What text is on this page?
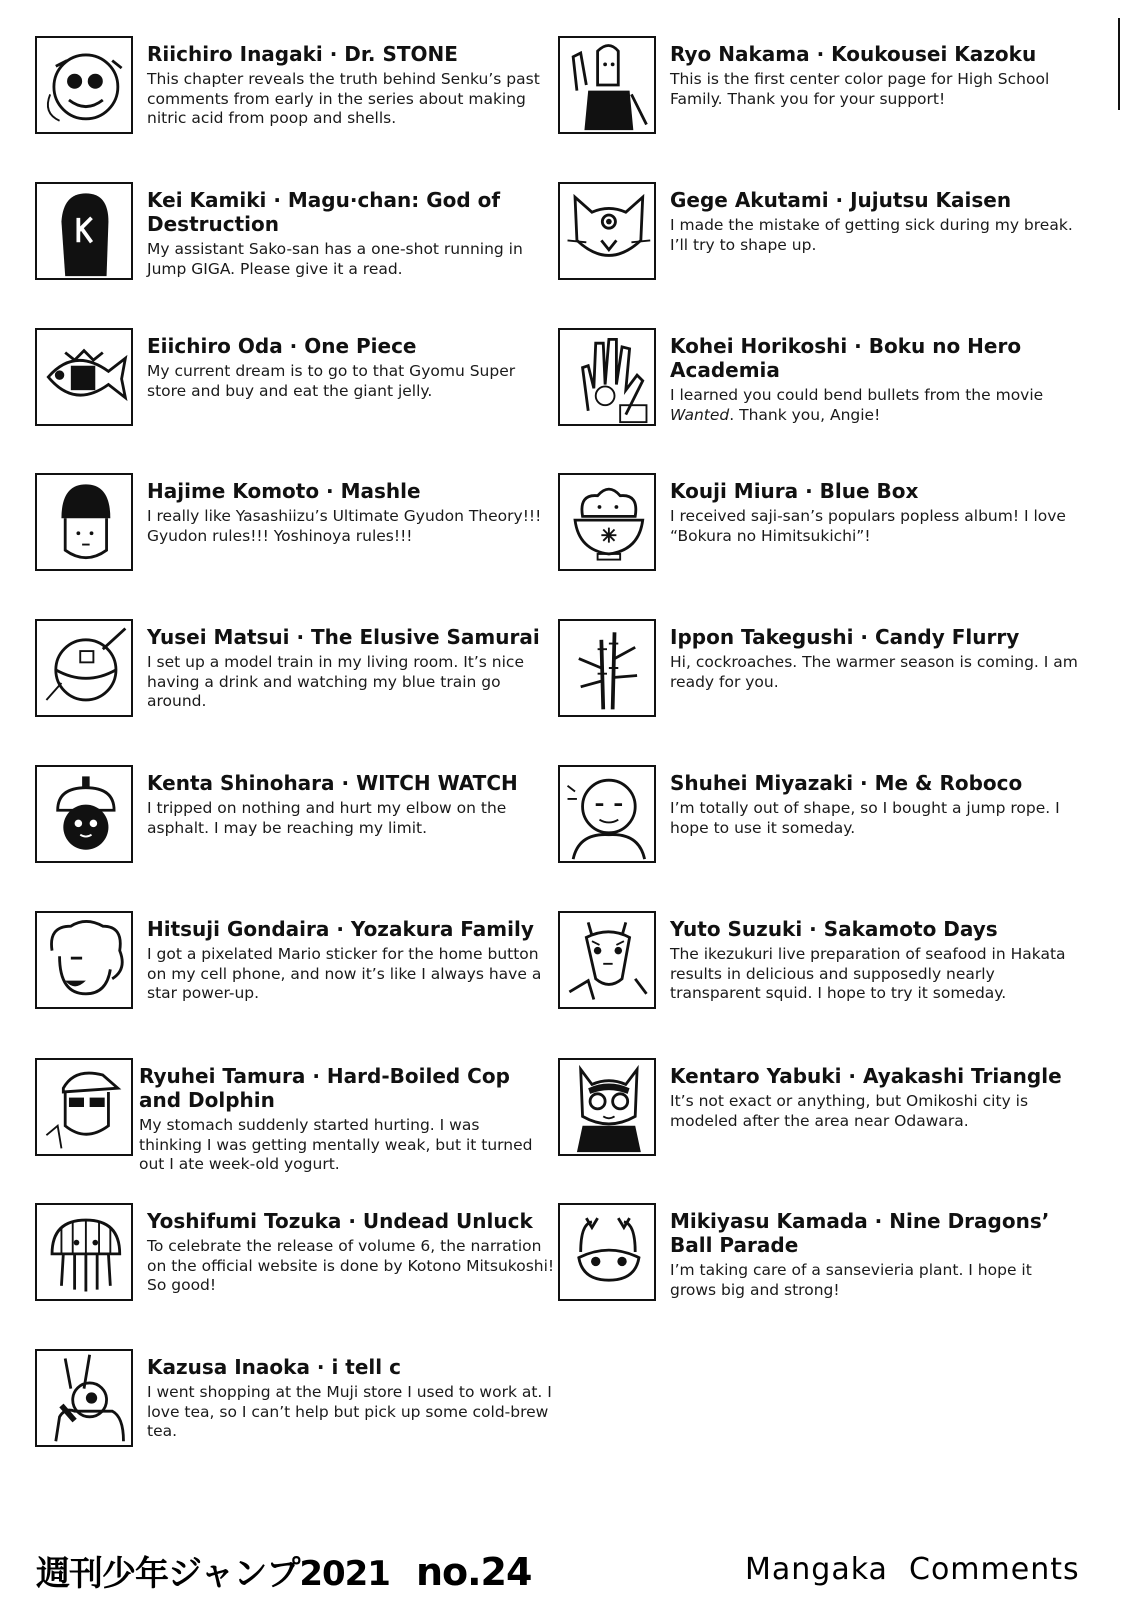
Riichiro Inagaki · Dr. STONE

This chapter reveals the truth behind Senku’s past comments from early in the series about making nitric acid from poop and shells.

Kei Kamiki · Magu·chan: God of Destruction

My assistant Sako-san has a one-shot running in Jump GIGA. Please give it a read.

Eiichiro Oda · One Piece

My current dream is to go to that Gyomu Super store and buy and eat the giant jelly.

Hajime Komoto · Mashle

I really like Yasashiizu’s Ultimate Gyudon Theory!!! Gyudon rules!!! Yoshinoya rules!!!

Yusei Matsui · The Elusive Samurai

I set up a model train in my living room. It’s nice having a drink and watching my blue train go around.

Kenta Shinohara · WITCH WATCH

I tripped on nothing and hurt my elbow on the asphalt. I may be reaching my limit.

Hitsuji Gondaira · Yozakura Family

I got a pixelated Mario sticker for the home button on my cell phone, and now it’s like I always have a star power-up.

Ryuhei Tamura · Hard-Boiled Cop and Dolphin

My stomach suddenly started hurting. I was thinking I was getting mentally weak, but it turned out I ate week-old yogurt.

Yoshifumi Tozuka · Undead Unluck

To celebrate the release of volume 6, the narration on the official website is done by Kotono Mitsukoshi! So good!

Kazusa Inaoka · i tell c

I went shopping at the Muji store I used to work at. I love tea, so I can’t help but pick up some cold-brew tea.

Ryo Nakama · Koukousei Kazoku

This is the first center color page for High School Family. Thank you for your support!

Gege Akutami · Jujutsu Kaisen

I made the mistake of getting sick during my break. I’ll try to shape up.

Kohei Horikoshi · Boku no Hero Academia

I learned you could bend bullets from the movie Wanted. Thank you, Angie!

Kouji Miura · Blue Box

I received saji-san’s populars popless album! I love “Bokura no Himitsukichi”!

Ippon Takegushi · Candy Flurry

Hi, cockroaches. The warmer season is coming. I am ready for you.

Shuhei Miyazaki · Me & Roboco

I’m totally out of shape, so I bought a jump rope. I hope to use it someday.

Yuto Suzuki · Sakamoto Days

The ikezukuri live preparation of seafood in Hakata results in delicious and supposedly nearly transparent squid. I hope to try it someday.

Kentaro Yabuki · Ayakashi Triangle

It’s not exact or anything, but Omikoshi city is modeled after the area near Odawara.

Mikiyasu Kamada · Nine Dragons’ Ball Parade

I’m taking care of a sansevieria plant. I hope it grows big and strong!

週刊少年ジャンプ2021 no.24	Mangaka  Comments
